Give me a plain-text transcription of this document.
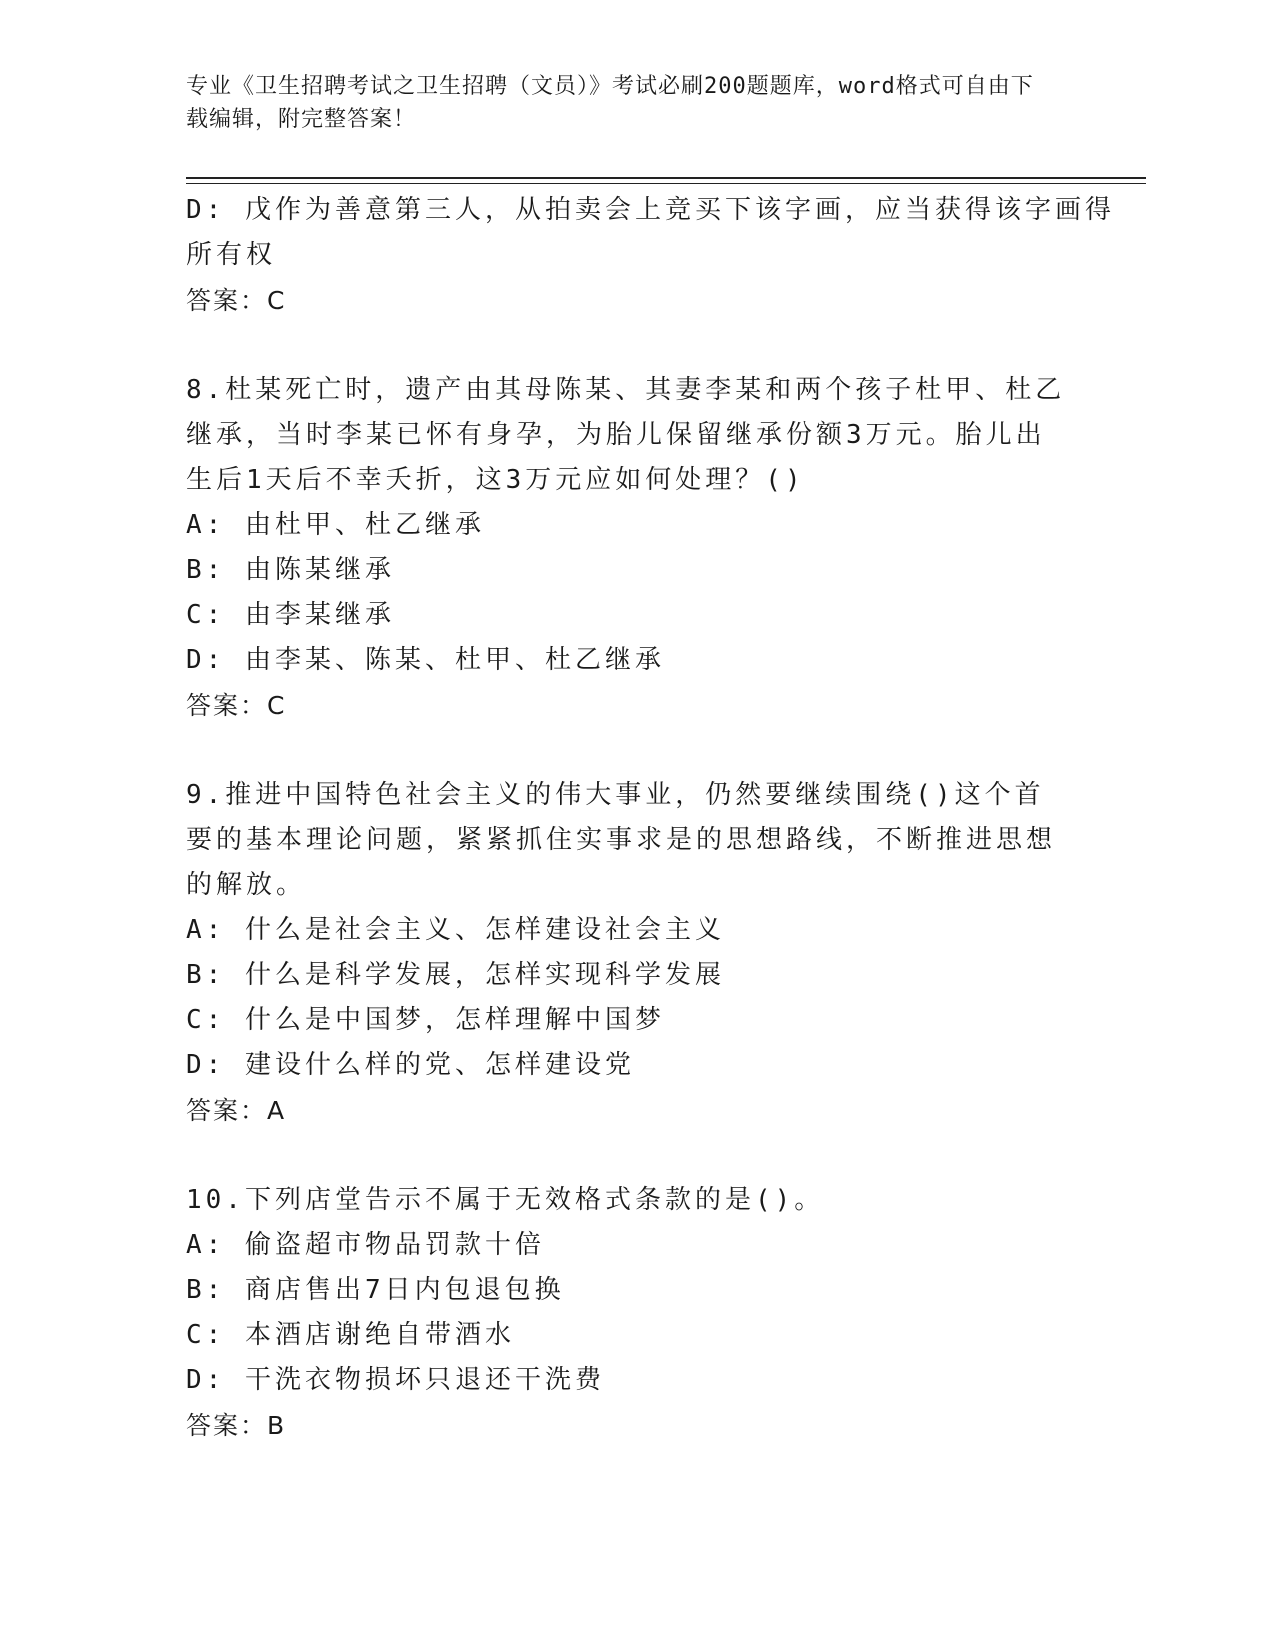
专业《卫生招聘考试之卫生招聘（文员）》考试必刷200题题库，word格式可自由下载编辑，附完整答案！
D: 戊作为善意第三人，从拍卖会上竞买下该字画，应当获得该字画得
所有权
答案：C
8.杜某死亡时，遗产由其母陈某、其妻李某和两个孩子杜甲、杜乙继承，当时李某已怀有身孕，为胎儿保留继承份额3万元。胎儿出生后1天后不幸夭折，这3万元应如何处理？()
A: 由杜甲、杜乙继承
B: 由陈某继承
C: 由李某继承
D: 由李某、陈某、杜甲、杜乙继承
答案：C
9.推进中国特色社会主义的伟大事业，仍然要继续围绕()这个首要的基本理论问题，紧紧抓住实事求是的思想路线，不断推进思想的解放。
A: 什么是社会主义、怎样建设社会主义
B: 什么是科学发展，怎样实现科学发展
C: 什么是中国梦，怎样理解中国梦
D: 建设什么样的党、怎样建设党
答案：A
10.下列店堂告示不属于无效格式条款的是()。
A: 偷盗超市物品罚款十倍
B: 商店售出7日内包退包换
C: 本酒店谢绝自带酒水
D: 干洗衣物损坏只退还干洗费
答案：B
